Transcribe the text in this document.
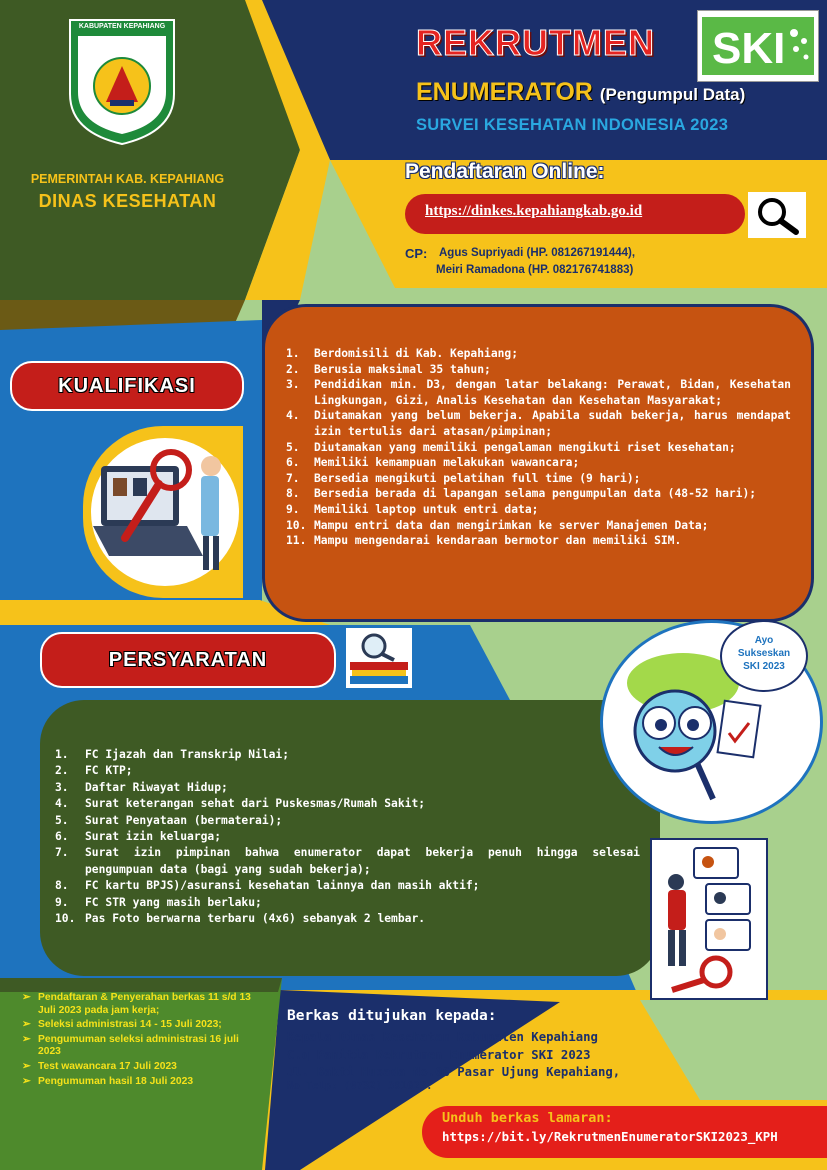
KABUPATEN KEPAHIANG
PEMERINTAH KAB. KEPAHIANG
DINAS KESEHATAN
REKRUTMEN
ENUMERATOR (Pengumpul Data)
SURVEI KESEHATAN INDONESIA 2023
SKI
Pendaftaran Online:
https://dinkes.kepahiangkab.go.id
CP: Agus Supriyadi (HP. 081267191444),
Meiri Ramadona (HP. 082176741883)
1.	Berdomisili di Kab. Kepahiang;
2.	Berusia maksimal 35 tahun;
3.	Pendidikan min. D3, dengan latar belakang: Perawat, Bidan, Kesehatan Lingkungan, Gizi, Analis Kesehatan dan Kesehatan Masyarakat;
4.	Diutamakan yang belum bekerja. Apabila sudah bekerja, harus mendapat izin tertulis dari atasan/pimpinan;
5.	Diutamakan yang memiliki pengalaman mengikuti riset kesehatan;
6.	Memiliki kemampuan melakukan wawancara;
7.	Bersedia mengikuti pelatihan full time (9 hari);
8.	Bersedia berada di lapangan selama pengumpulan data (48-52 hari);
9.	Memiliki laptop untuk entri data;
10. Mampu entri data dan mengirimkan ke server Manajemen Data;
11. Mampu mengendarai kendaraan bermotor dan memiliki SIM.
KUALIFIKASI
PERSYARATAN
1.	FC Ijazah dan Transkrip Nilai;
2.	FC KTP;
3.	Daftar Riwayat Hidup;
4.	Surat keterangan sehat dari Puskesmas/Rumah Sakit;
5.	Surat Penyataan (bermaterai);
6.	Surat izin keluarga;
7.	Surat izin pimpinan bahwa enumerator dapat bekerja penuh hingga selesai pengumpuan data (bagi yang sudah bekerja);
8.	FC kartu BPJS)/asuransi kesehatan lainnya dan masih aktif;
9.	FC STR yang masih berlaku;
10. Pas Foto berwarna terbaru (4x6) sebanyak 2 lembar.
Ayo
Sukseskan
SKI 2023
➢ Pendaftaran & Penyerahan berkas 11 s/d 13 Juli 2023 pada jam kerja;
➢ Seleksi administrasi 14 - 15 Juli 2023;
➢ Pengumuman seleksi administrasi 16 juli 2023
➢ Test wawancara 17 Juli 2023
➢ Pengumuman hasil 18 Juli 2023
Berkas ditujukan kepada:
Kepala Dinas Kesehatan Kabupaten Kepahiang
C.q Panitia Rekrutmen Enumerator SKI 2023
Jl. Bakti Husada No.06 Pasar Ujung Kepahiang,
No Telp: (0732) 391623.
Unduh berkas lamaran:
https://bit.ly/RekrutmenEnumeratorSKI2023_KPH
